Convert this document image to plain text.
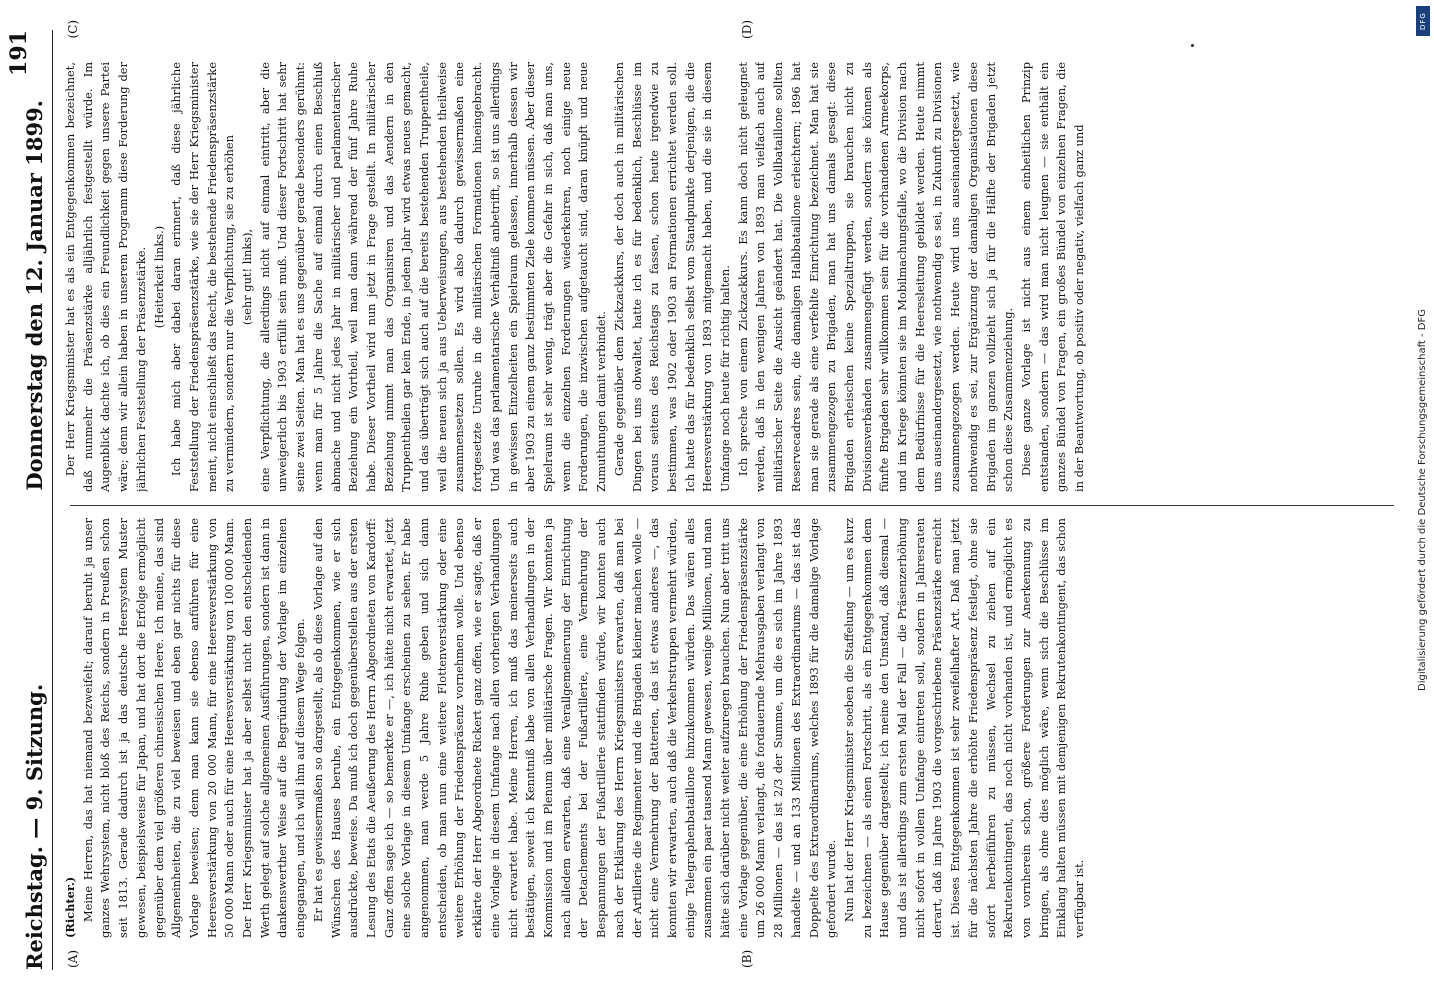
Reichstag. — 9. Sitzung.
Donnerstag den 12. Januar 1899.
191
(A)	(B)
(C)	(D)

(Richter.) Meine Herren, das hat niemand bezweifelt; darauf beruht ja unser ganzes Wehrsystem, nicht bloß des Reichs, sondern in Preußen schon seit 1813. Gerade dadurch ist ja das deutsche Heersystem Muster gewesen, beispielsweise für Japan, und hat dort die Erfolge ermöglicht gegenüber dem viel größeren chinesischen Heere. Ich meine, das sind Allgemeinheiten, die zu viel beweisen und eben gar nichts für diese Vorlage beweisen; denn man kann sie ebenso anführen für eine Heeresverstärkung von 20 000 Mann, für eine Heeresverstärkung von 50 000 Mann oder auch für eine Heeresverstärkung von 100 000 Mann. Der Herr Kriegsminister hat ja aber selbst nicht den entscheidenden Werth gelegt auf solche allgemeinen Ausführungen, sondern ist dann in dankenswerther Weise auf die Begründung der Vorlage im einzelnen eingegangen, und ich will ihm auf diesem Wege folgen. Er hat es gewissermaßen so dargestellt, als ob diese Vorlage auf den Wünschen des Hauses beruhe, ein Entgegenkommen, wie er sich ausdrückte, beweise. Da muß ich doch gegenüberstellen aus der ersten Lesung des Etats die Aeußerung des Herrn Abgeordneten von Kardorff: Ganz offen sage ich — so bemerkte er —, ich hätte nicht erwartet, jetzt eine solche Vorlage in diesem Umfange erscheinen zu sehen. Er habe angenommen, man werde 5 Jahre Ruhe geben und sich dann entscheiden, ob man nun eine weitere Flottenverstärkung oder eine weitere Erhöhung der Friedenspräsenz vornehmen wolle. Und ebenso erklärte der Herr Abgeordnete Rickert ganz offen, wie er sagte, daß er eine Vorlage in diesem Umfange nach allen vorherigen Verhandlungen nicht erwartet habe. Meine Herren, ich muß das meinerseits auch bestätigen, soweit ich Kenntniß habe von allen Verhandlungen in der Kommission und im Plenum über militärische Fragen. Wir konnten ja nach alledem erwarten, daß eine Verallgemeinerung der Einrichtung der Detachements bei der Fußartillerie, eine Vermehrung der Bespannungen der Fußartillerie stattfinden würde, wir konnten auch nach der Erklärung des Herrn Kriegsministers erwarten, daß man bei der Artillerie die Regimenter und die Brigaden kleiner machen wolle — nicht eine Vermehrung der Batterien, das ist etwas anderes —, das konnten wir erwarten, auch daß die Verkehrstruppen vermehrt würden, einige Telegraphenbataillone hinzukommen würden. Das wären alles zusammen ein paar tausend Mann gewesen, wenige Millionen, und man hätte sich darüber nicht weiter aufzuregen brauchen. Nun aber tritt uns eine Vorlage gegenüber, die eine Erhöhung der Friedenspräsenzstärke um 26 000 Mann verlangt, die fordauernde Mehrausgaben verlangt von 28 Millionen — das ist 2/3 der Summe, um die es sich im Jahre 1893 handelte — und an 133 Millionen des Extraordinariums — das ist das Doppelte des Extraordinariums, welches 1893 für die damalige Vorlage gefordert wurde. Nun hat der Herr Kriegsminister soeben die Staffelung — um es kurz zu bezeichnen — als einen Fortschritt, als ein Entgegenkommen dem Hause gegenüber dargestellt; ich meine den Umstand, daß diesmal — und das ist allerdings zum ersten Mal der Fall — die Präsenzerhöhung nicht sofort in vollem Umfange eintreten soll, sondern in Jahresraten derart, daß im Jahre 1903 die vorgeschriebene Präsenzstärke erreicht ist. Dieses Entgegenkommen ist sehr zweifelhafter Art. Daß man jetzt für die nächsten Jahre die erhöhte Friedenspräsenz festlegt, ohne sie sofort herbeiführen zu müssen, Wechsel zu ziehen auf ein Rekrutenkontingent, das noch nicht vorhanden ist, und ermöglicht es von vornherein schon, größere Forderungen zur Anerkennung zu bringen, als ohne dies möglich wäre, wenn sich die Beschlüsse im Einklang halten müssen mit demjenigen Rekrutenkontingent, das schon verfügbar ist.

Der Herr Kriegsminister hat es als ein Entgegenkommen bezeichnet, daß nunmehr die Präsenzstärke alljährlich festgestellt würde. Im Augenblick dachte ich, ob dies ein Freundlichkeit gegen unsere Partei wäre; denn wir allein haben in unserem Programm diese Forderung der jährlichen Feststellung der Präsenzstärke. (Heiterkeit links.) Ich habe mich aber dabei daran erinnert, daß diese jährliche Feststellung der Friedenspräsenzstärke, wie sie der Herr Kriegsminister meint, nicht einschließt das Recht, die bestehende Friedenspräsenzstärke zu vermindern, sondern nur die Verpflichtung, sie zu erhöhen (sehr gut! links), eine Verpflichtung, die allerdings nicht auf einmal eintritt, aber die unweigerlich bis 1903 erfüllt sein muß. Und dieser Fortschritt hat sehr seine zwei Seiten. Man hat es uns gegenüber gerade besonders gerühmt: wenn man für 5 Jahre die Sache auf einmal durch einen Beschluß abmache und nicht jedes Jahr in militärischer und parlamentarischer Beziehung ein Vortheil, weil man dann während der fünf Jahre Ruhe habe. Dieser Vortheil wird nun jetzt in Frage gestellt. In militärischer Beziehung nimmt man das Organisiren und das Aendern in den Truppentheilen gar kein Ende, in jedem Jahr wird etwas neues gemacht, und das überträgt sich auch auf die bereits bestehenden Truppentheile, weil die neuen sich ja aus Ueberweisungen, aus bestehenden theilweise zusammensetzen sollen. Es wird also dadurch gewissermaßen eine fortgesetzte Unruhe in die militärischen Formationen hineingebracht. Und was das parlamentarische Verhältniß anbetrifft, so ist uns allerdings in gewissen Einzelheiten ein Spielraum gelassen, innerhalb dessen wir aber 1903 zu einem ganz bestimmten Ziele kommen müssen. Aber dieser Spielraum ist sehr wenig, trägt aber die Gefahr in sich, daß man uns, wenn die einzelnen Forderungen wiederkehren, noch einige neue Forderungen, die inzwischen aufgetaucht sind, daran knüpft und neue Zumuthungen damit verbindet. Gerade gegenüber dem Zickzackkurs, der doch auch in militärischen Dingen bei uns obwaltet, hatte ich es für bedenklich, Beschlüsse im voraus seitens des Reichstags zu fassen, schon heute irgendwie zu bestimmen, was 1902 oder 1903 an Formationen errichtet werden soll. Ich hatte das für bedenklich selbst vom Standpunkte derjenigen, die die Heeresverstärkung von 1893 mitgemacht haben, und die sie in diesem Umfange noch heute für richtig halten. Ich spreche von einem Zickzackkurs. Es kann doch nicht geleugnet werden, daß in den wenigen Jahren von 1893 man vielfach auch auf militärischer Seite die Ansicht geändert hat. Die Vollbataillone sollten Reservecadres sein, die damaligen Halbbataillone erleichtern; 1896 hat man sie gerade als eine verfehlte Einrichtung bezeichnet. Man hat sie zusammengezogen zu Brigaden, man hat uns damals gesagt: diese Brigaden erheischen keine Spezialtruppen, sie brauchen nicht zu Divisionsverbänden zusammengefügt werden, sondern sie können als fünfte Brigaden sehr willkommen sein für die vorhandenen Armeekorps, und im Kriege könnten sie im Mobilmachungsfalle, wo die Division nach dem Bedürfnisse für die Heeresleitung gebildet werden. Heute nimmt uns auseinandergesetzt, wie nothwendig es sei, in Zukunft zu Divisionen zusammengezogen werden. Heute wird uns auseinandergesetzt, wie nothwendig es sei, zur Ergänzung der damaligen Organisationen diese Brigaden im ganzen vollzieht sich ja für die Hälfte der Brigaden jetzt schon diese Zusammenziehung. Diese ganze Vorlage ist nicht aus einem einheitlichen Prinzip entstanden, sondern — das wird man nicht leugnen — sie enthält ein ganzes Bündel von Fragen, ein großes Bündel von einzelnen Fragen, die in der Beantwortung, ob positiv oder negativ, vielfach ganz und

DFG
Digitalisierung gefördert durch die Deutsche Forschungsgemeinschaft - DFG
